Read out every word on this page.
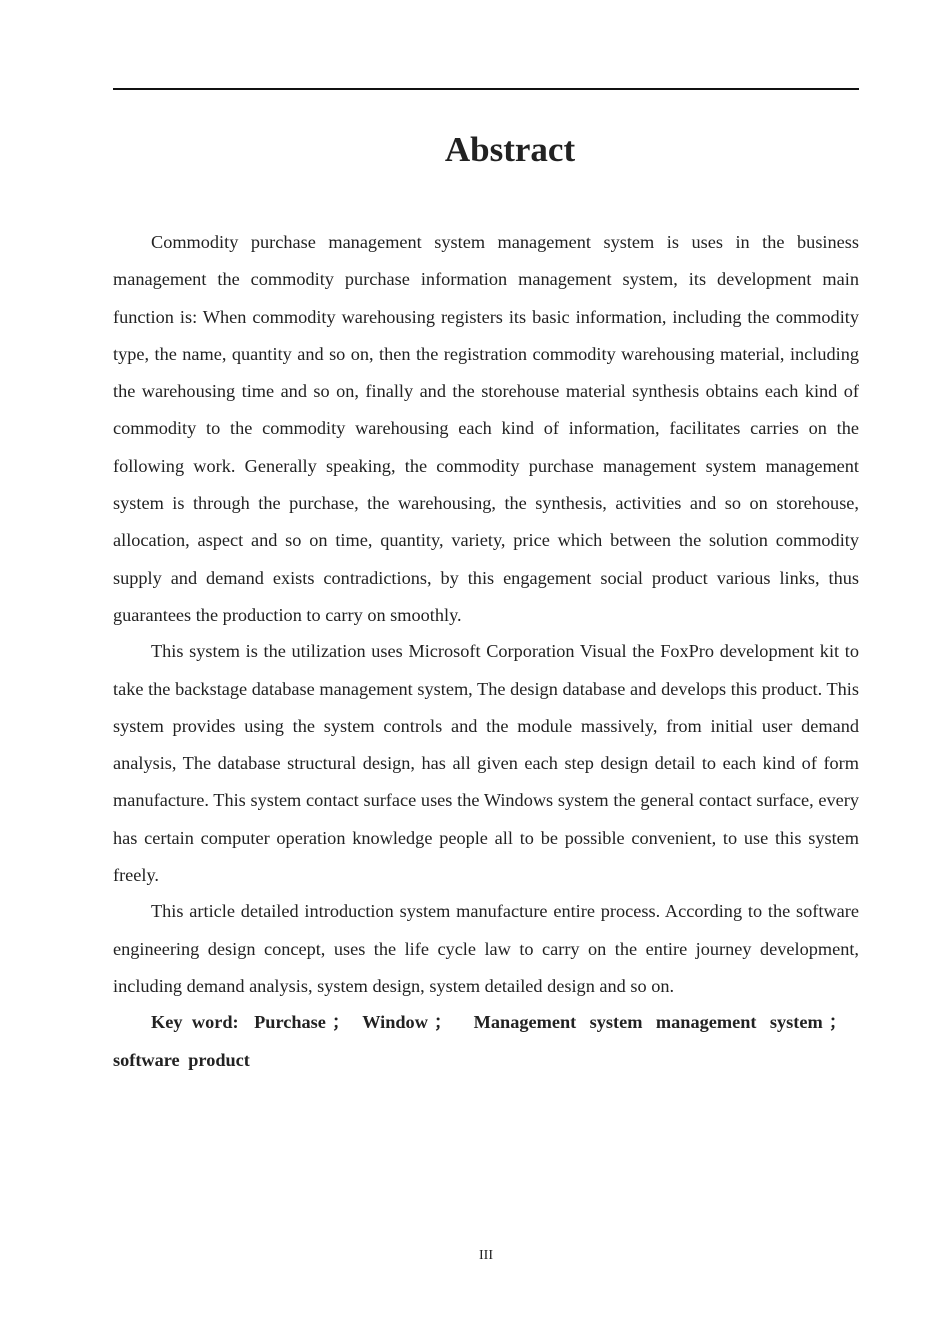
Abstract

Commodity purchase management system management system is uses in the business management the commodity purchase information management system, its development main function is: When commodity warehousing registers its basic information, including the commodity type, the name, quantity and so on, then the registration commodity warehousing material, including the warehousing time and so on, finally and the storehouse material synthesis obtains each kind of commodity to the commodity warehousing each kind of information, facilitates carries on the following work. Generally speaking, the commodity purchase management system management system is through the purchase, the warehousing, the synthesis, activities and so on storehouse, allocation, aspect and so on time, quantity, variety, price which between the solution commodity supply and demand exists contradictions, by this engagement social product various links, thus guarantees the production to carry on smoothly.

This system is the utilization uses Microsoft Corporation Visual the FoxPro development kit to take the backstage database management system, The design database and develops this product. This system provides using the system controls and the module massively, from initial user demand analysis, The database structural design, has all given each step design detail to each kind of form manufacture. This system contact surface uses the Windows system the general contact surface, every has certain computer operation knowledge people all to be possible convenient, to use this system freely.

This article detailed introduction system manufacture entire process. According to the software engineering design concept, uses the life cycle law to carry on the entire journey development, including demand analysis, system design, system detailed design and so on.

Key word: Purchase ； Window ； Management system management system ； software product

III
